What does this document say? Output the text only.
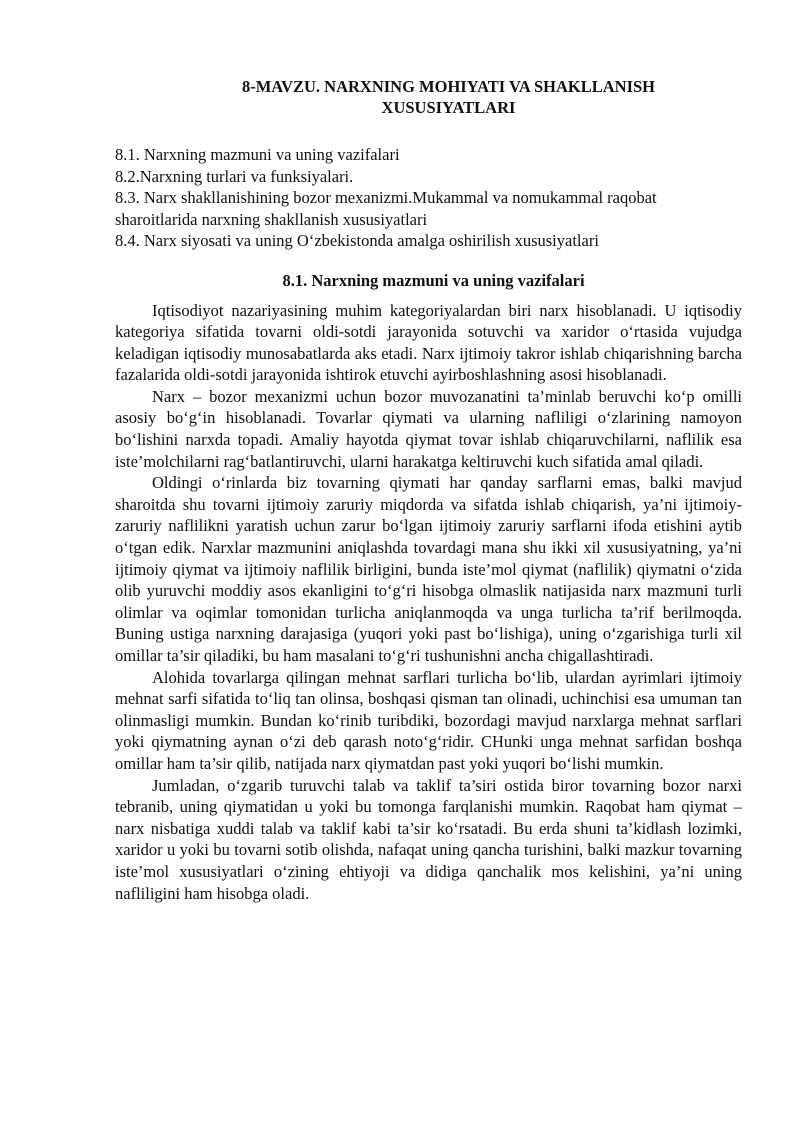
8-MAVZU. NARXNING MOHIYATI VA SHAKLLANISH
XUSUSIYATLARI
8.1. Narxning mazmuni va uning vazifalari
8.2.Narxning turlari va funksiyalari.
8.3. Narx shakllanishining bozor mexanizmi.Mukammal va nomukammal raqobat sharoitlarida narxning shakllanish xususiyatlari
8.4. Narx siyosati va uning O‘zbekistonda amalga oshirilish xususiyatlari
8.1. Narxning mazmuni va uning vazifalari

Iqtisodiyot nazariyasining muhim kategoriyalardan biri narx hisoblanadi. U iqtisodiy kategoriya sifatida tovarni oldi-sotdi jarayonida sotuvchi va xaridor o‘rtasida vujudga keladigan iqtisodiy munosabatlarda aks etadi. Narx ijtimoiy takror ishlab chiqarishning barcha fazalarida oldi-sotdi jarayonida ishtirok etuvchi ayirboshlashning asosi hisoblanadi.

Narx – bozor mexanizmi uchun bozor muvozanatini ta’minlab beruvchi ko‘p omilli asosiy bo‘g‘in hisoblanadi. Tovarlar qiymati va ularning nafliligi o‘zlarining namoyon bo‘lishini narxda topadi. Amaliy hayotda qiymat tovar ishlab chiqaruvchilarni, naflilik esa iste’molchilarni rag‘batlantiruvchi, ularni harakatga keltiruvchi kuch sifatida amal qiladi.

Oldingi o‘rinlarda biz tovarning qiymati har qanday sarflarni emas, balki mavjud sharoitda shu tovarni ijtimoiy zaruriy miqdorda va sifatda ishlab chiqarish, ya’ni ijtimoiy-zaruriy naflilikni yaratish uchun zarur bo‘lgan ijtimoiy zaruriy sarflarni ifoda etishini aytib o‘tgan edik. Narxlar mazmunini aniqlashda tovardagi mana shu ikki xil xususiyatning, ya’ni ijtimoiy qiymat va ijtimoiy naflilik birligini, bunda iste’mol qiymat (naflilik) qiymatni o‘zida olib yuruvchi moddiy asos ekanligini to‘g‘ri hisobga olmaslik natijasida narx mazmuni turli olimlar va oqimlar tomonidan turlicha aniqlanmoqda va unga turlicha ta’rif berilmoqda. Buning ustiga narxning darajasiga (yuqori yoki past bo‘lishiga), uning o‘zgarishiga turli xil omillar ta’sir qiladiki, bu ham masalani to‘g‘ri tushunishni ancha chigallashtiradi.

Alohida tovarlarga qilingan mehnat sarflari turlicha bo‘lib, ulardan ayrimlari ijtimoiy mehnat sarfi sifatida to‘liq tan olinsa, boshqasi qisman tan olinadi, uchinchisi esa umuman tan olinmasligi mumkin. Bundan ko‘rinib turibdiki, bozordagi mavjud narxlarga mehnat sarflari yoki qiymatning aynan o‘zi deb qarash noto‘g‘ridir. CHunki unga mehnat sarfidan boshqa omillar ham ta’sir qilib, natijada narx qiymatdan past yoki yuqori bo‘lishi mumkin.

Jumladan, o‘zgarib turuvchi talab va taklif ta’siri ostida biror tovarning bozor narxi tebranib, uning qiymatidan u yoki bu tomonga farqlanishi mumkin. Raqobat ham qiymat – narx nisbatiga xuddi talab va taklif kabi ta’sir ko‘rsatadi. Bu erda shuni ta’kidlash lozimki, xaridor u yoki bu tovarni sotib olishda, nafaqat uning qancha turishini, balki mazkur tovarning iste’mol xususiyatlari o‘zining ehtiyoji va didiga qanchalik mos kelishini, ya’ni uning nafliligini ham hisobga oladi.
